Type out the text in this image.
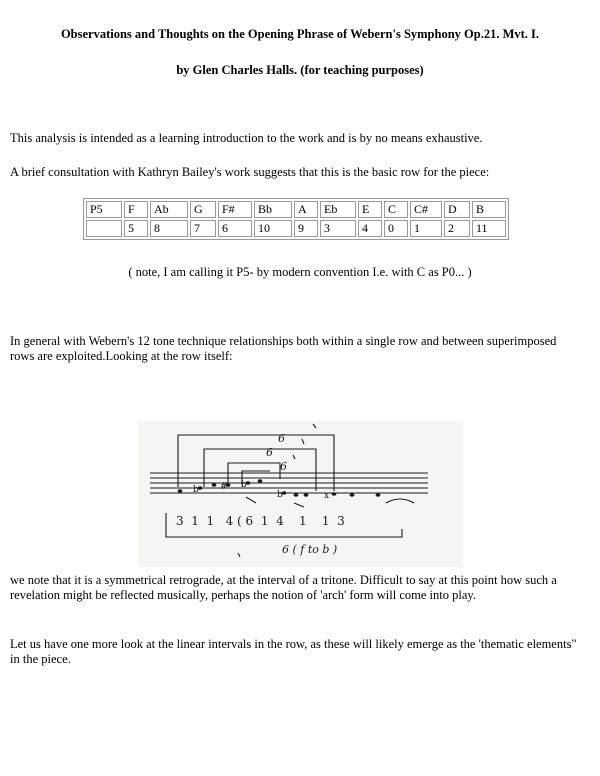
Observations and Thoughts on the Opening Phrase of Webern's Symphony Op.21. Mvt. I.
by Glen Charles Halls. (for teaching purposes)
This analysis is intended as a learning introduction to the work and is by no means exhaustive.
A brief consultation with Kathryn Bailey's work suggests that this is the basic row for the piece:
P5	F	Ab	G	F#	Bb	A	Eb	E	C	C#	D	B
	5	8	7	6	10	9	3	4	0	1	2	11
( note, I am calling it P5- by modern convention I.e. with C as P0... )
In general with Webern's 12 tone technique relationships both within a single row and between superimposed rows are exploited.Looking at the row itself:
b # b
b	x
6
6
6
3  1  1   4 ( 6  1  4    1    1  3
6 ( f to b )
we note that it is a symmetrical retrograde, at the interval of a tritone. Difficult to say at this point how such a revelation might be reflected musically, perhaps the notion of 'arch' form will come into play.
Let us have one more look at the linear intervals in the row, as these will likely emerge as the 'thematic elements" in the piece.
